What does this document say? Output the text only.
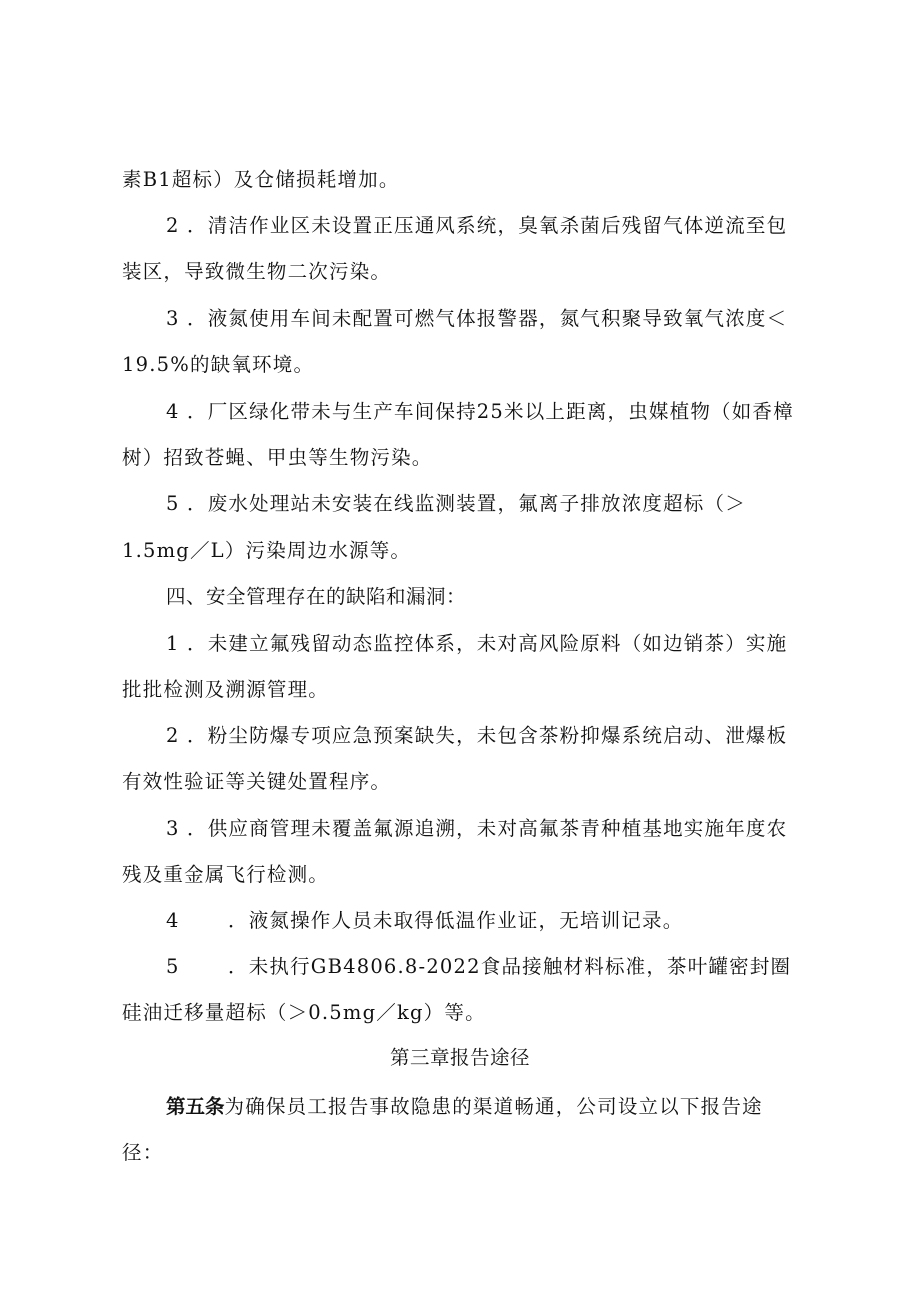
素B1超标）及仓储损耗增加。
2 ．清洁作业区未设置正压通风系统，臭氧杀菌后残留气体逆流至包
装区，导致微生物二次污染。
3 ．液氮使用车间未配置可燃气体报警器，氮气积聚导致氧气浓度＜
19.5%的缺氧环境。
4 ．厂区绿化带未与生产车间保持25米以上距离，虫媒植物（如香樟
树）招致苍蝇、甲虫等生物污染。
5 ．废水处理站未安装在线监测装置，氟离子排放浓度超标（＞
1.5mg／L）污染周边水源等。
四、安全管理存在的缺陷和漏洞：
1 ．未建立氟残留动态监控体系，未对高风险原料（如边销茶）实施
批批检测及溯源管理。
2 ．粉尘防爆专项应急预案缺失，未包含茶粉抑爆系统启动、泄爆板
有效性验证等关键处置程序。
3 ．供应商管理未覆盖氟源追溯，未对高氟茶青种植基地实施年度农
残及重金属飞行检测。
4 ．液氮操作人员未取得低温作业证，无培训记录。
5 ．未执行GB4806.8-2022食品接触材料标准，茶叶罐密封圈
硅油迁移量超标（＞0.5mg／kg）等。
第三章报告途径
第五条为确保员工报告事故隐患的渠道畅通，公司设立以下报告途
径：
